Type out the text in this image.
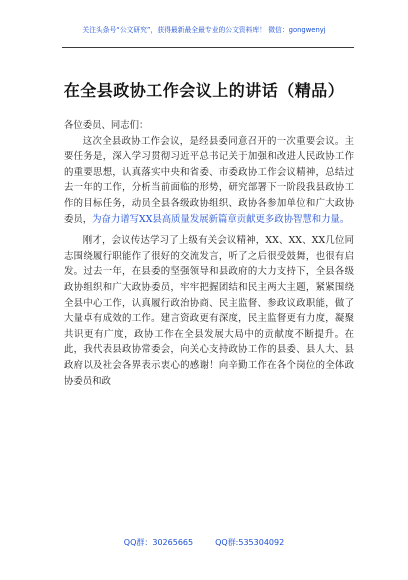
关注头条号“公文研究”，获得最新最全最专业的公文资料库！ 微信：gongwenyj
在全县政协工作会议上的讲话（精品）

各位委员、同志们：

这次全县政协工作会议，是经县委同意召开的一次重要会议。主要任务是，深入学习贯彻习近平总书记关于加强和改进人民政协工作的重要思想，认真落实中央和省委、市委政协工作会议精神，总结过去一年的工作，分析当前面临的形势，研究部署下一阶段我县政协工作的目标任务，动员全县各级政协组织、政协各参加单位和广大政协委员，为奋力谱写XX县高质量发展新篇章贡献更多政协智慧和力量。

刚才，会议传达学习了上级有关会议精神，XX、XX、XX几位同志围绕履行职能作了很好的交流发言，听了之后很受鼓舞，也很有启发。过去一年，在县委的坚强领导和县政府的大力支持下，全县各级政协组织和广大政协委员，牢牢把握团结和民主两大主题，紧紧围绕全县中心工作，认真履行政治协商、民主监督、参政议政职能，做了大量卓有成效的工作。建言资政更有深度，民主监督更有力度，凝聚共识更有广度，政协工作在全县发展大局中的贡献度不断提升。在此，我代表县政协常委会，向关心支持政协工作的县委、县人大、县政府以及社会各界表示衷心的感谢！向辛勤工作在各个岗位的全体政协委员和政

QQ群：30265665	QQ群:535304092
